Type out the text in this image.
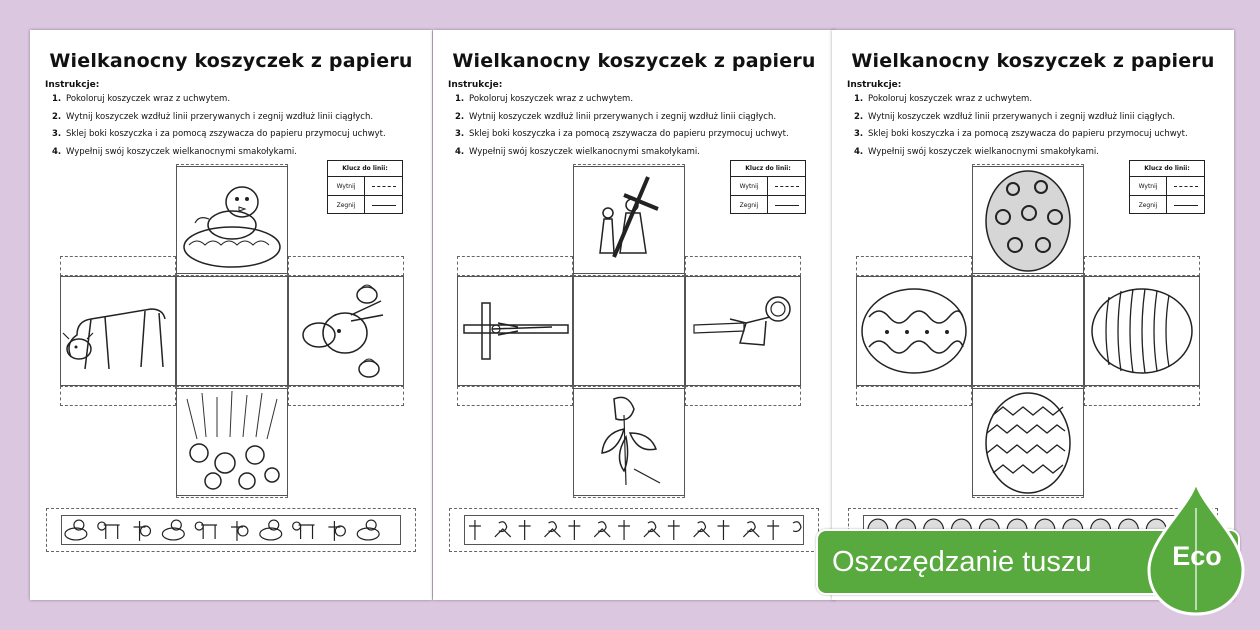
Wielkanocny koszyczek z papieru
Instrukcje:
1. Pokoloruj koszyczek wraz z uchwytem.
2. Wytnij koszyczek wzdłuż linii przerywanych i zegnij wzdłuż linii ciągłych.
3. Sklej boki koszyczka i za pomocą zszywacza do papieru przymocuj uchwyt.
4. Wypełnij swój koszyczek wielkanocnymi smakołykami.
Klucz do linii:
Wytnij
Zegnij
Wielkanocny koszyczek z papieru
Instrukcje:
1. Pokoloruj koszyczek wraz z uchwytem.
2. Wytnij koszyczek wzdłuż linii przerywanych i zegnij wzdłuż linii ciągłych.
3. Sklej boki koszyczka i za pomocą zszywacza do papieru przymocuj uchwyt.
4. Wypełnij swój koszyczek wielkanocnymi smakołykami.
Klucz do linii:
Wytnij
Zegnij
Wielkanocny koszyczek z papieru
Instrukcje:
1. Pokoloruj koszyczek wraz z uchwytem.
2. Wytnij koszyczek wzdłuż linii przerywanych i zegnij wzdłuż linii ciągłych.
3. Sklej boki koszyczka i za pomocą zszywacza do papieru przymocuj uchwyt.
4. Wypełnij swój koszyczek wielkanocnymi smakołykami.
Klucz do linii:
Wytnij
Zegnij
Oszczędzanie tuszu	Eco
